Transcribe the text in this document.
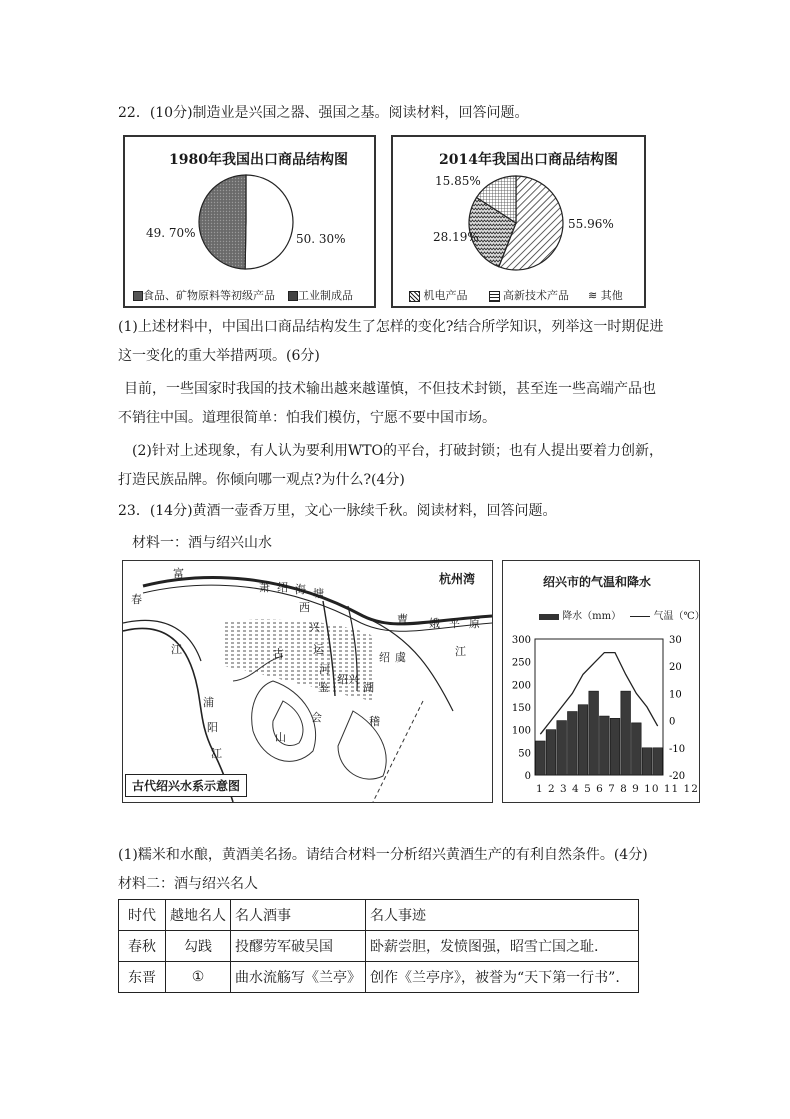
22．(10分)制造业是兴国之器、强国之基。阅读材料，回答问题。
1980年我国出口商品结构图
49. 70%	50. 30%
食品、矿物原料等初级产品 工业制成品
2014年我国出口商品结构图
15.85%
55.96%
28.19%
机电产品	高新技术产品 ≋ 其他
(1)上述材料中，中国出口商品结构发生了怎样的变化?结合所学知识，列举这一时期促进
这一变化的重大举措两项。(6分)
目前，一些国家时我国的技术输出越来越谨慎，不但技术封锁，甚至连一些高端产品也
不销往中国。道理很简单：怕我们模仿，宁愿不要中国市场。
(2)针对上述现象，有人认为要利用WTO的平台，打破封锁；也有人提出要着力创新，
打造民族品牌。你倾向哪一观点?为什么?(4分)
23．(14分)黄酒一壶香万里，文心一脉续千秋。阅读材料，回答问题。
材料一：酒与绍兴山水
杭州湾
富
春
江
萧 绍 海 塘
西
兴
运
河
浦
阳
江
古
鉴	湖
绍兴
会	稽
山
曹 娥
江
平 原
绍 虞
古代绍兴水系示意图
绍兴市的气温和降水
降水（mm）	气温（℃）
300
250
200
150
100
50
0
30
20
10
0
-10
-20
1 2 3 4 5 6 7 8 9 10 11 12
(1)糯米和水酿，黄酒美名扬。请结合材料一分析绍兴黄酒生产的有利自然条件。(4分)
材料二：酒与绍兴名人
时代	越地名人	名人酒事	名人事迹
春秋	勾践	投醪劳军破吴国	卧薪尝胆，发愤图强，昭雪亡国之耻.
东晋	①	曲水流觞写《兰亭》	创作《兰亭序》，被誉为“天下第一行书”.
